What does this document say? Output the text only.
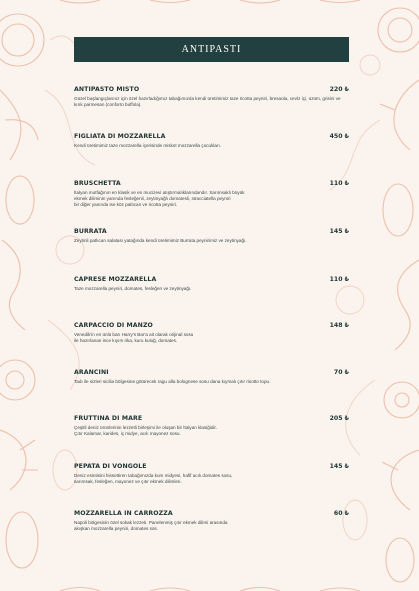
ANTIPASTI
ANTIPASTO MISTO	220 ₺
Güzel başlangıçlarınız için özel hazırladığımız tabağımızda kendi üretimimiz taze ricotta peyniri, bresaola, cevİz içi, üzüm, grisini ve kırık parmesan (conforto buffola).
FIGLIATA DI MOZZARELLA	450 ₺
Kendi üretimimiz taze mozzarella içerisinde miskot mozzarella çocukları.
BRUSCHETTA	110 ₺
İtalyan mutfağının en klasik ve en mucizevi atıştırmalıklarındandır. Sarımsaklı büyük
ekmek diliminin yanında fesleğenli, zeytinyağlı domatesli, stracciatella peyniri
bir diğer yanında ise köz patlıcan ve ricotta peyniri.
BURRATA	145 ₺
Zeytinli patlıcan salatası yatağında kendi üretimimiz Burrata peynirimiz ve zeytinyağı.
CAPRESE MOZZARELLA	110 ₺
Taze mozzarella peyniri, domates, fesleğen ve zeytinyağı.
CARPACCIO DI MANZO	148 ₺
Venedik'in en ünlü barı Harry's Bar'a ait olarak orijinal sosu
ile hazırlanan ince kıyım rika, kuru kuluğ, domates.
ARANCINI	70 ₺
Tadı ile sizleri sicilia bölgesine götürecek ragu alla bolognese sosu dana kıymalı çıtır risotto topu.
FRUTTINA DI MARE	205 ₺
Çeşitli deniz ürünlerinin lezzetli birleşimi ile oluşan bir İtalyan klasiğidir.
Çıtır Kalamar, karides, iç midye, acılı mayonez sosu.
PEPATA DI VONGOLE	145 ₺
Deniz esintisini hissettiren tabağımızda kum midyesi, hafif acılı domates sosu,
sarımsak, fesleğen, mayonez ve çıtır ekmek dilimleri.
MOZZARELLA IN CARROZZA	60 ₺
Napoli bölgesinin özel sokak lezzeti. Panelenmiş çıtır ekmek dilimi arasında
akışkan mozzarella peyniri, domates sos.
